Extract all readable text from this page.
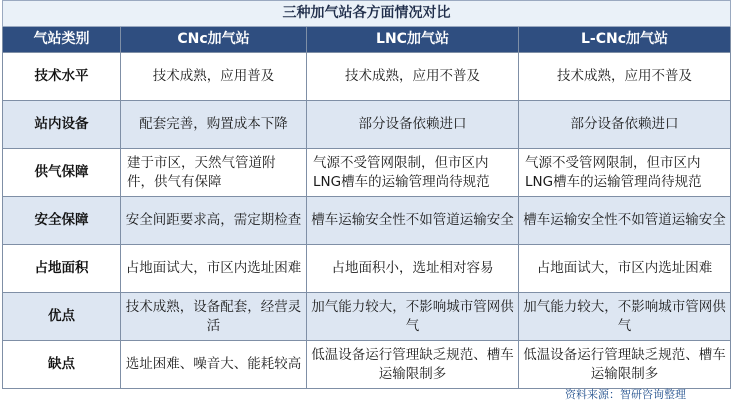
三种加气站各方面情况对比			
气站类别	CNc加气站	LNC加气站	L-CNc加气站
技术水平	技术成熟，应用普及	技术成熟，应用不普及	技术成熟，应用不普及
站内设备	配套完善，购置成本下降	部分设备依赖进口	部分设备依赖进口
供气保障	建于市区，天然气管道附件，供气有保障	气源不受管网限制，但市区内LNG槽车的运输管理尚待规范	气源不受管网限制，但市区内LNG槽车的运输管理尚待规范
安全保障	安全间距要求高，需定期检查	槽车运输安全性不如管道运输安全	槽车运输安全性不如管道运输安全
占地面积	占地面试大，市区内选址困难	占地面积小，选址相对容易	占地面试大，市区内选址困难
优点	技术成熟，设备配套，经营灵活	加气能力较大，不影响城市管网供气	加气能力较大，不影响城市管网供气
缺点	选址困难、噪音大、能耗较高	低温设备运行管理缺乏规范、槽车运输限制多	低温设备运行管理缺乏规范、槽车运输限制多
资料来源：智研咨询整理
